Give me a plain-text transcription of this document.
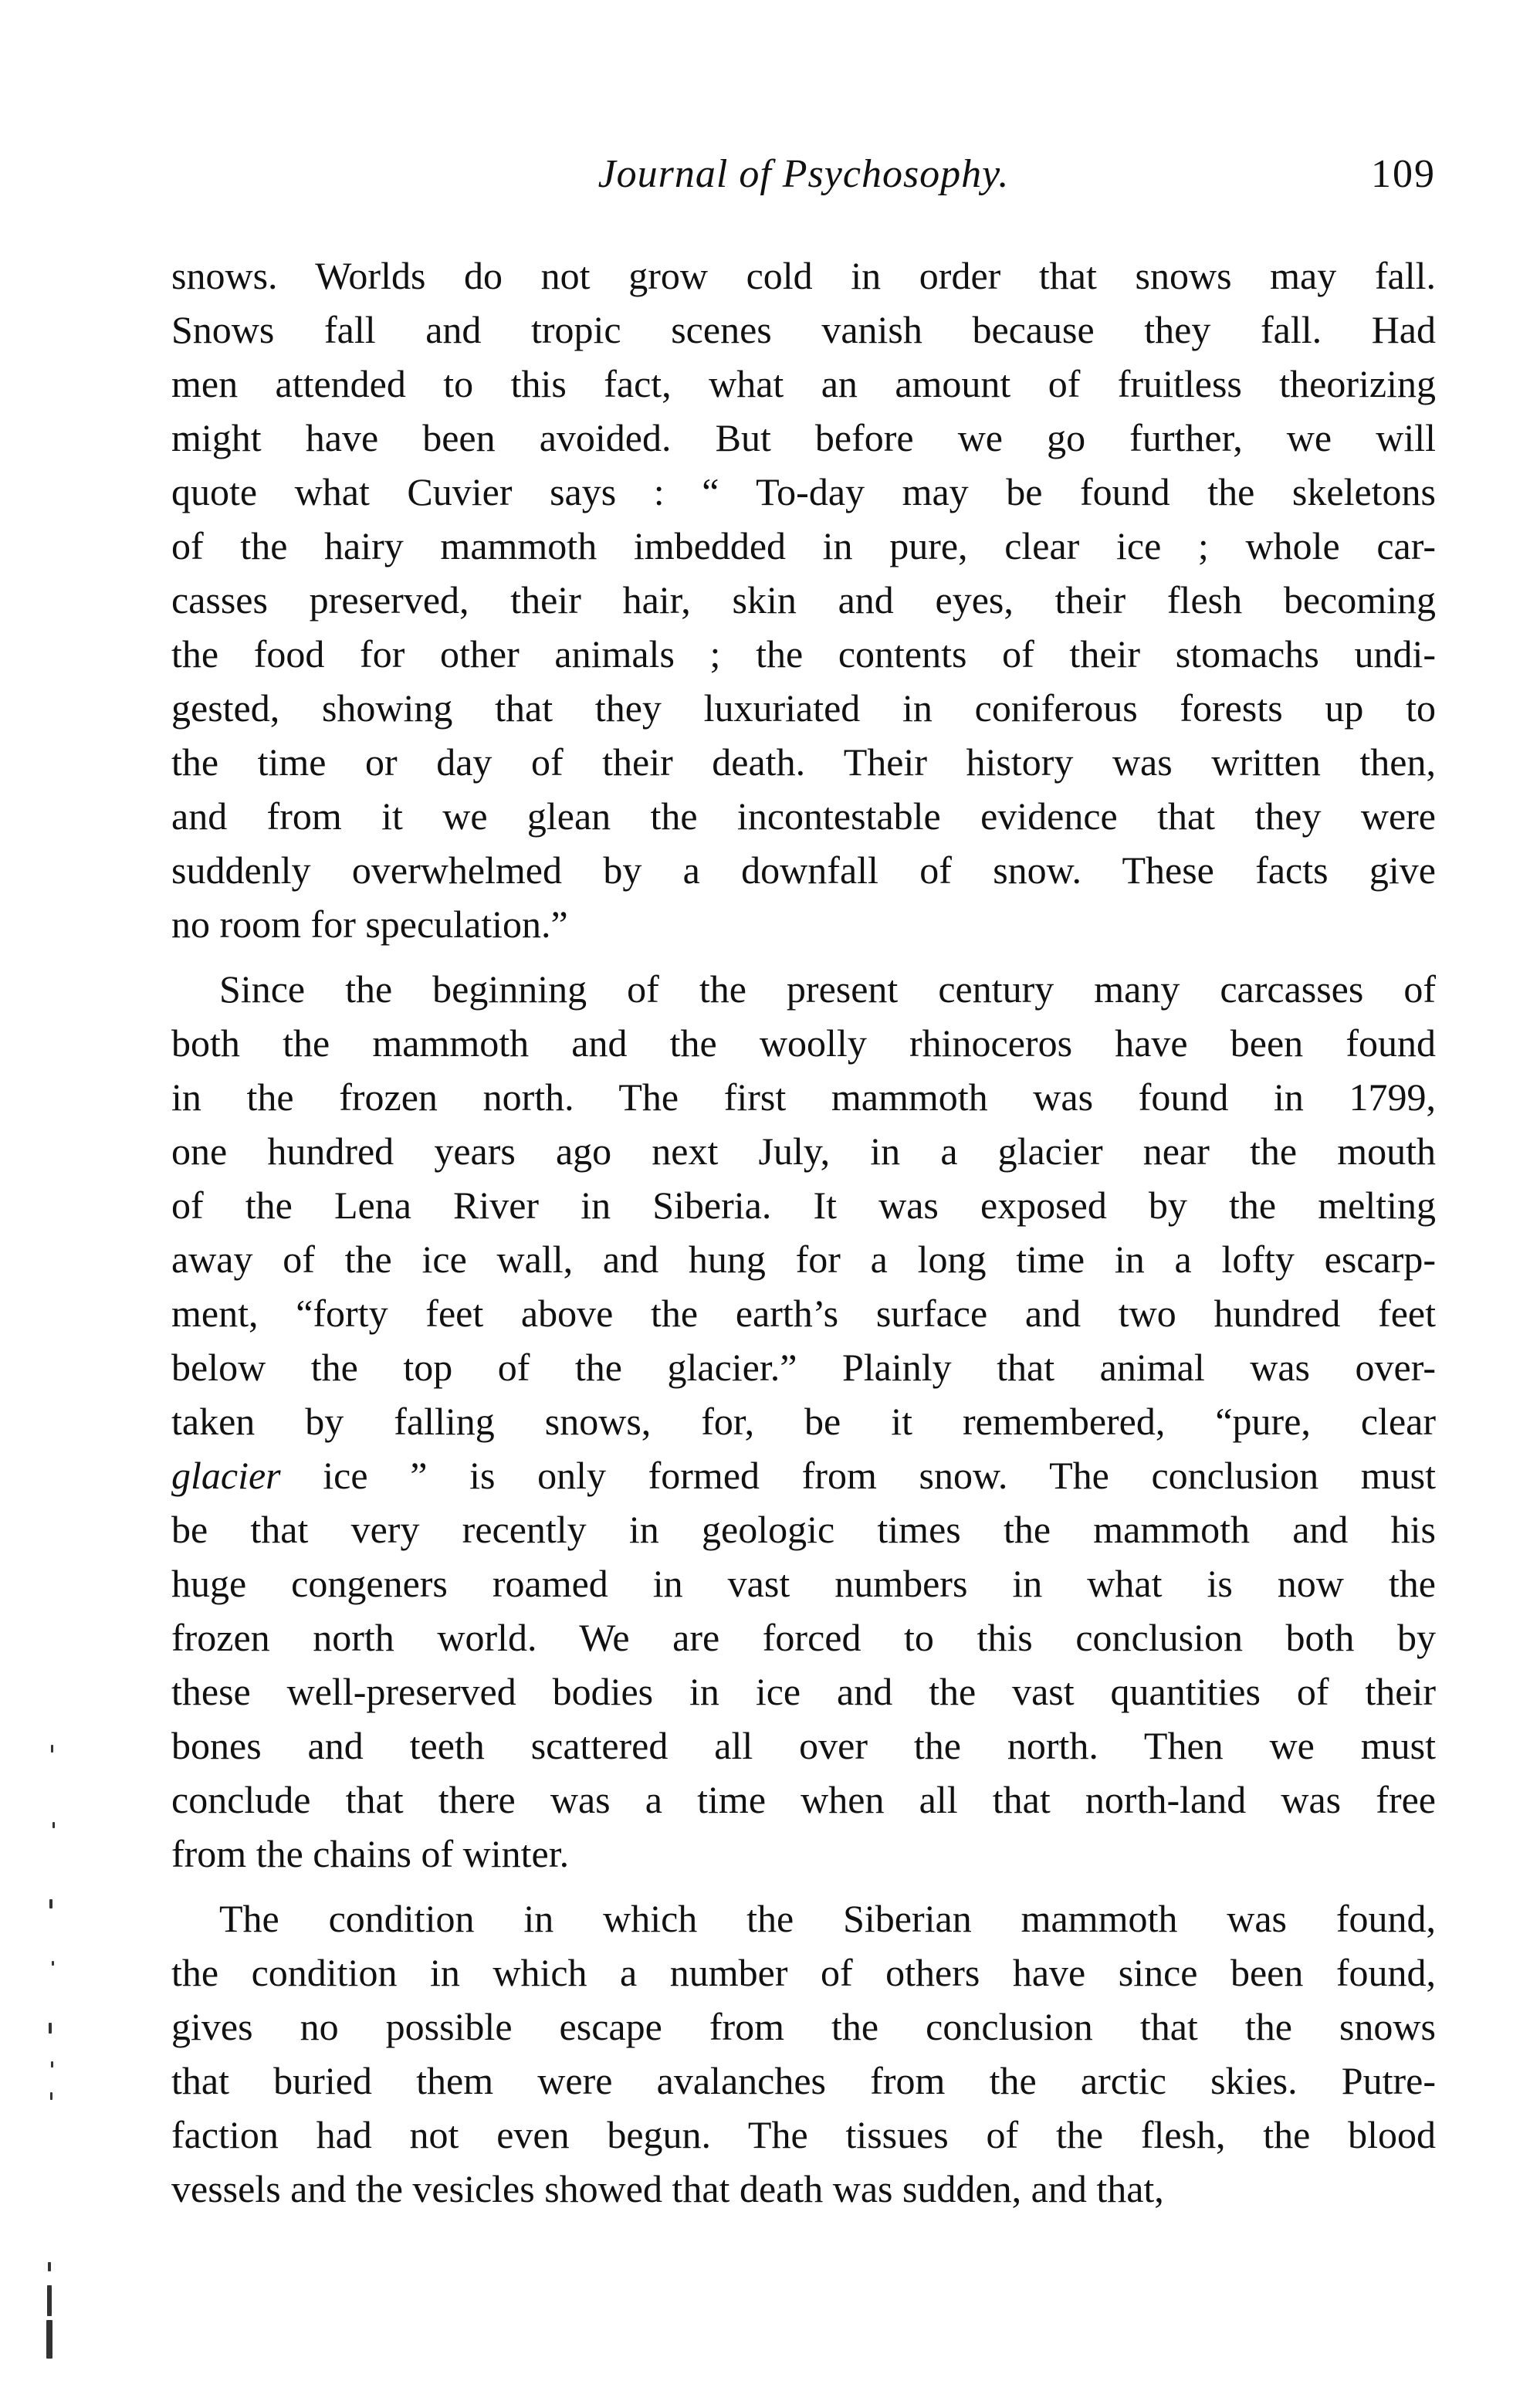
Journal of Psychosophy.	109
snows. Worlds do not grow cold in order that snows may fall.
Snows fall and tropic scenes vanish because they fall. Had
men attended to this fact, what an amount of fruitless theorizing
might have been avoided. But before we go further, we will
quote what Cuvier says : “ To-day may be found the skeletons
of the hairy mammoth imbedded in pure, clear ice ; whole car-
casses preserved, their hair, skin and eyes, their flesh becoming
the food for other animals ; the contents of their stomachs undi-
gested, showing that they luxuriated in coniferous forests up to
the time or day of their death. Their history was written then,
and from it we glean the incontestable evidence that they were
suddenly overwhelmed by a downfall of snow. These facts give
no room for speculation.”
Since the beginning of the present century many carcasses of
both the mammoth and the woolly rhinoceros have been found
in the frozen north. The first mammoth was found in 1799,
one hundred years ago next July, in a glacier near the mouth
of the Lena River in Siberia. It was exposed by the melting
away of the ice wall, and hung for a long time in a lofty escarp-
ment, “forty feet above the earth’s surface and two hundred feet
below the top of the glacier.” Plainly that animal was over-
taken by falling snows, for, be it remembered, “pure, clear
glacier ice ” is only formed from snow. The conclusion must
be that very recently in geologic times the mammoth and his
huge congeners roamed in vast numbers in what is now the
frozen north world. We are forced to this conclusion both by
these well-preserved bodies in ice and the vast quantities of their
bones and teeth scattered all over the north. Then we must
conclude that there was a time when all that north-land was free
from the chains of winter.
The condition in which the Siberian mammoth was found,
the condition in which a number of others have since been found,
gives no possible escape from the conclusion that the snows
that buried them were avalanches from the arctic skies. Putre-
faction had not even begun. The tissues of the flesh, the blood
vessels and the vesicles showed that death was sudden, and that,
